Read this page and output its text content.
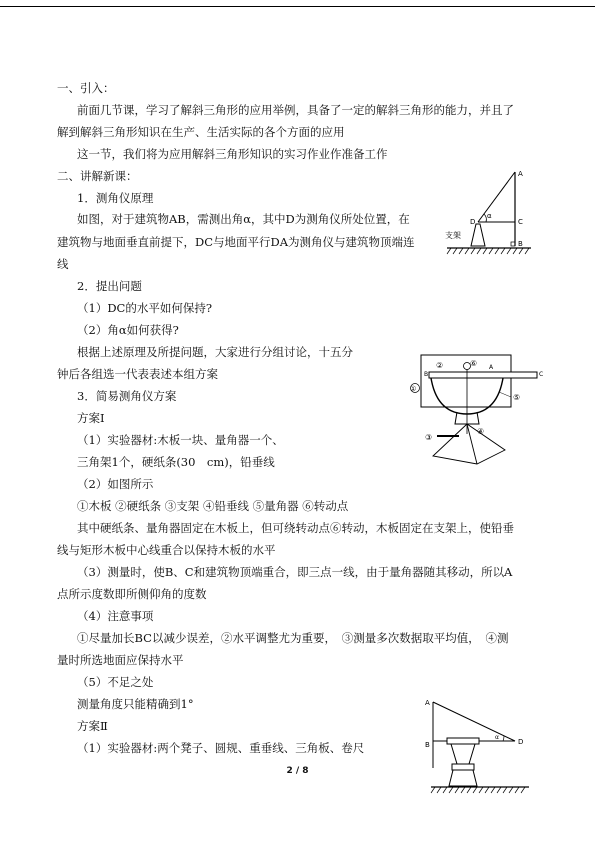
一、引入：
前面几节课，学习了解斜三角形的应用举例，具备了一定的解斜三角形的能力，并且了
解到解斜三角形知识在生产、生活实际的各个方面的应用
这一节，我们将为应用解斜三角形知识的实习作业作准备工作
二、讲解新课：
1．测角仪原理
如图，对于建筑物AB，需测出角α，其中D为测角仪所处位置，在
建筑物与地面垂直前提下，DC与地面平行DA为测角仪与建筑物顶端连
线
2．提出问题
（1）DC的水平如何保持?
（2）角α如何获得?
根据上述原理及所提问题，大家进行分组讨论，十五分
钟后各组选一代表表述本组方案
3．简易测角仪方案
方案Ⅰ
（1）实验器材:木板一块、量角器一个、
三角架1个，硬纸条(30　cm)，铅垂线
（2）如图所示
①木板 ②硬纸条 ③支架 ④铅垂线 ⑤量角器 ⑥转动点
其中硬纸条、量角器固定在木板上，但可绕转动点⑥转动，木板固定在支架上，使铅垂
线与矩形木板中心线重合以保持木板的水平
（3）测量时，使B、C和建筑物顶端重合，即三点一线，由于量角器随其移动，所以A
点所示度数即所侧仰角的度数
（4）注意事项
①尽量加长BC以减少误差，②水平调整尤为重要，　③测量多次数据取平均值，　④测
量时所选地面应保持水平
（5）不足之处
测量角度只能精确到1°
方案Ⅱ
（1）实验器材:两个凳子、圆规、重垂线、三角板、卷尺
A
B
C
D
α
支架
①
②
③
④
⑤
⑥ A
B	C
A
B	D
α
2 / 8
